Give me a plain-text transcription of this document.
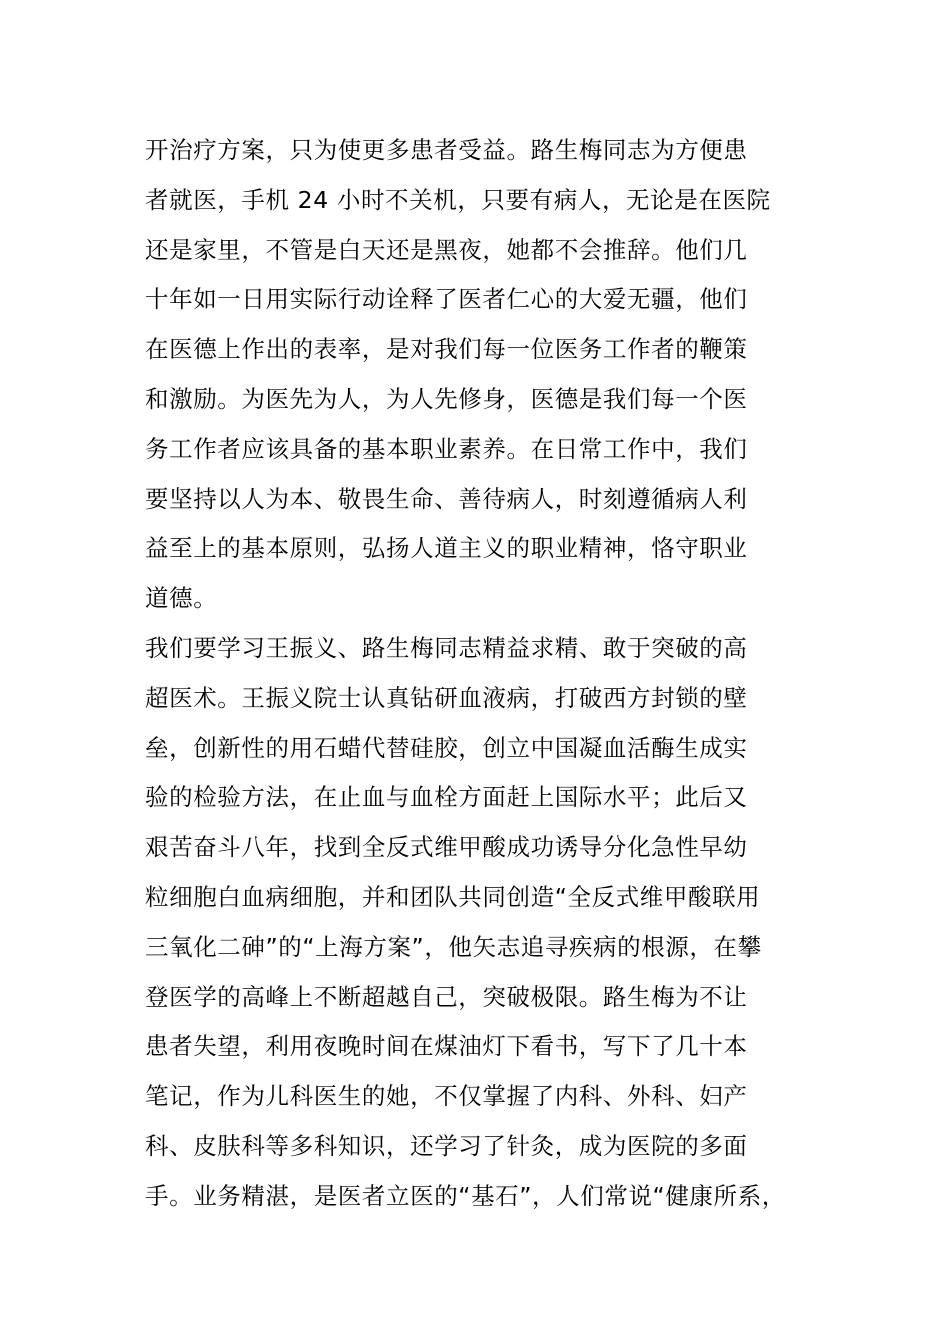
开治疗方案，只为使更多患者受益。路生梅同志为方便患
者就医，手机 24 小时不关机，只要有病人，无论是在医院
还是家里，不管是白天还是黑夜，她都不会推辞。他们几
十年如一日用实际行动诠释了医者仁心的大爱无疆，他们
在医德上作出的表率，是对我们每一位医务工作者的鞭策
和激励。为医先为人，为人先修身，医德是我们每一个医
务工作者应该具备的基本职业素养。在日常工作中，我们
要坚持以人为本、敬畏生命、善待病人，时刻遵循病人利
益至上的基本原则，弘扬人道主义的职业精神，恪守职业
道德。
我们要学习王振义、路生梅同志精益求精、敢于突破的高
超医术。王振义院士认真钻研血液病，打破西方封锁的壁
垒，创新性的用石蜡代替硅胶，创立中国凝血活酶生成实
验的检验方法，在止血与血栓方面赶上国际水平；此后又
艰苦奋斗八年，找到全反式维甲酸成功诱导分化急性早幼
粒细胞白血病细胞，并和团队共同创造“全反式维甲酸联用
三氧化二砷”的“上海方案”，他矢志追寻疾病的根源，在攀
登医学的高峰上不断超越自己，突破极限。路生梅为不让
患者失望，利用夜晚时间在煤油灯下看书，写下了几十本
笔记，作为儿科医生的她，不仅掌握了内科、外科、妇产
科、皮肤科等多科知识，还学习了针灸，成为医院的多面
手。业务精湛，是医者立医的“基石”，人们常说“健康所系，
